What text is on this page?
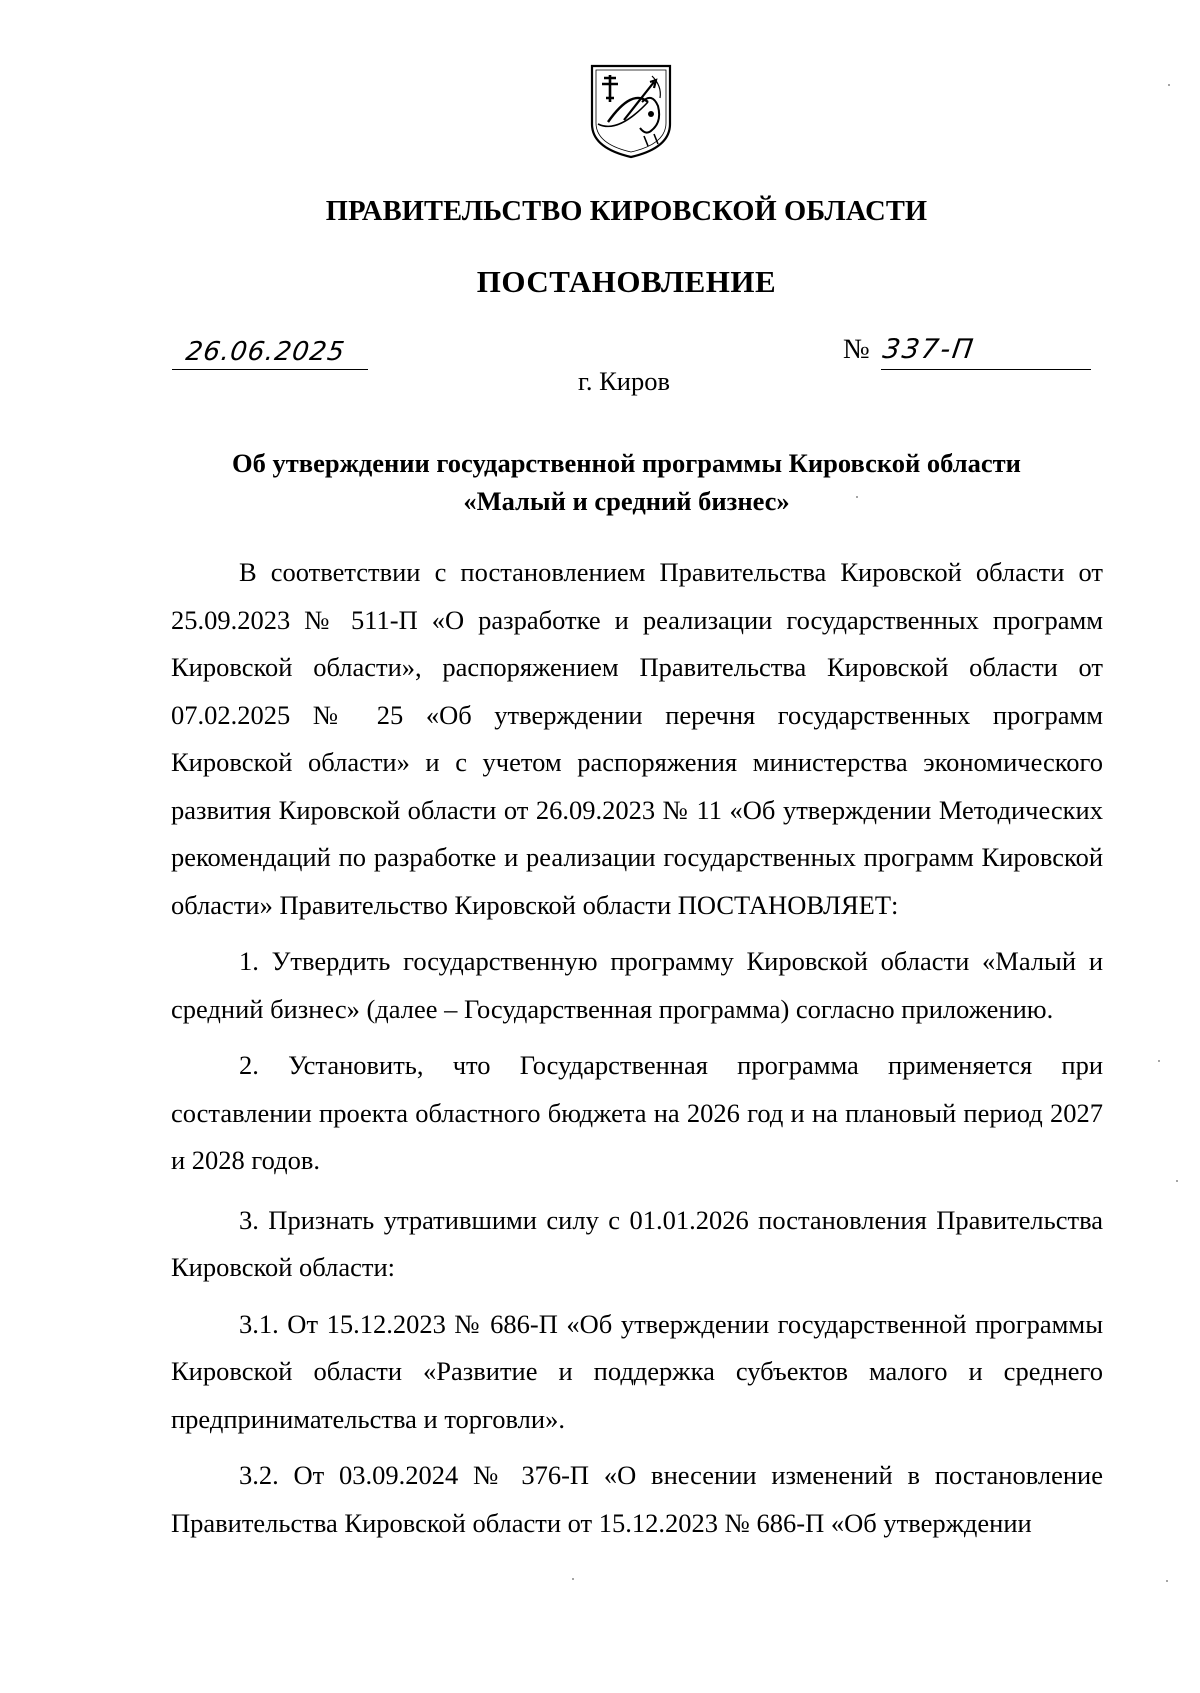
ПРАВИТЕЛЬСТВО КИРОВСКОЙ ОБЛАСТИ
ПОСТАНОВЛЕНИЕ
26.06.2025	№ 337-П
г. Киров
Об утверждении государственной программы Кировской области
«Малый и средний бизнес»

В соответствии с постановлением Правительства Кировской области от 25.09.2023 № 511-П «О разработке и реализации государственных программ Кировской области», распоряжением Правительства Кировской области от 07.02.2025 № 25 «Об утверждении перечня государственных программ Кировской области» и с учетом распоряжения министерства экономического развития Кировской области от 26.09.2023 № 11 «Об утверждении Методических рекомендаций по разработке и реализации государственных программ Кировской области» Правительство Кировской области ПОСТАНОВЛЯЕТ:

1. Утвердить государственную программу Кировской области «Малый и средний бизнес» (далее – Государственная программа) согласно приложению.

2. Установить, что Государственная программа применяется при составлении проекта областного бюджета на 2026 год и на плановый период 2027 и 2028 годов.

3. Признать утратившими силу с 01.01.2026 постановления Правительства Кировской области:

3.1. От 15.12.2023 № 686-П «Об утверждении государственной программы Кировской области «Развитие и поддержка субъектов малого и среднего предпринимательства и торговли».

3.2. От 03.09.2024 № 376-П «О внесении изменений в постановление Правительства Кировской области от 15.12.2023 № 686-П «Об утверждении
